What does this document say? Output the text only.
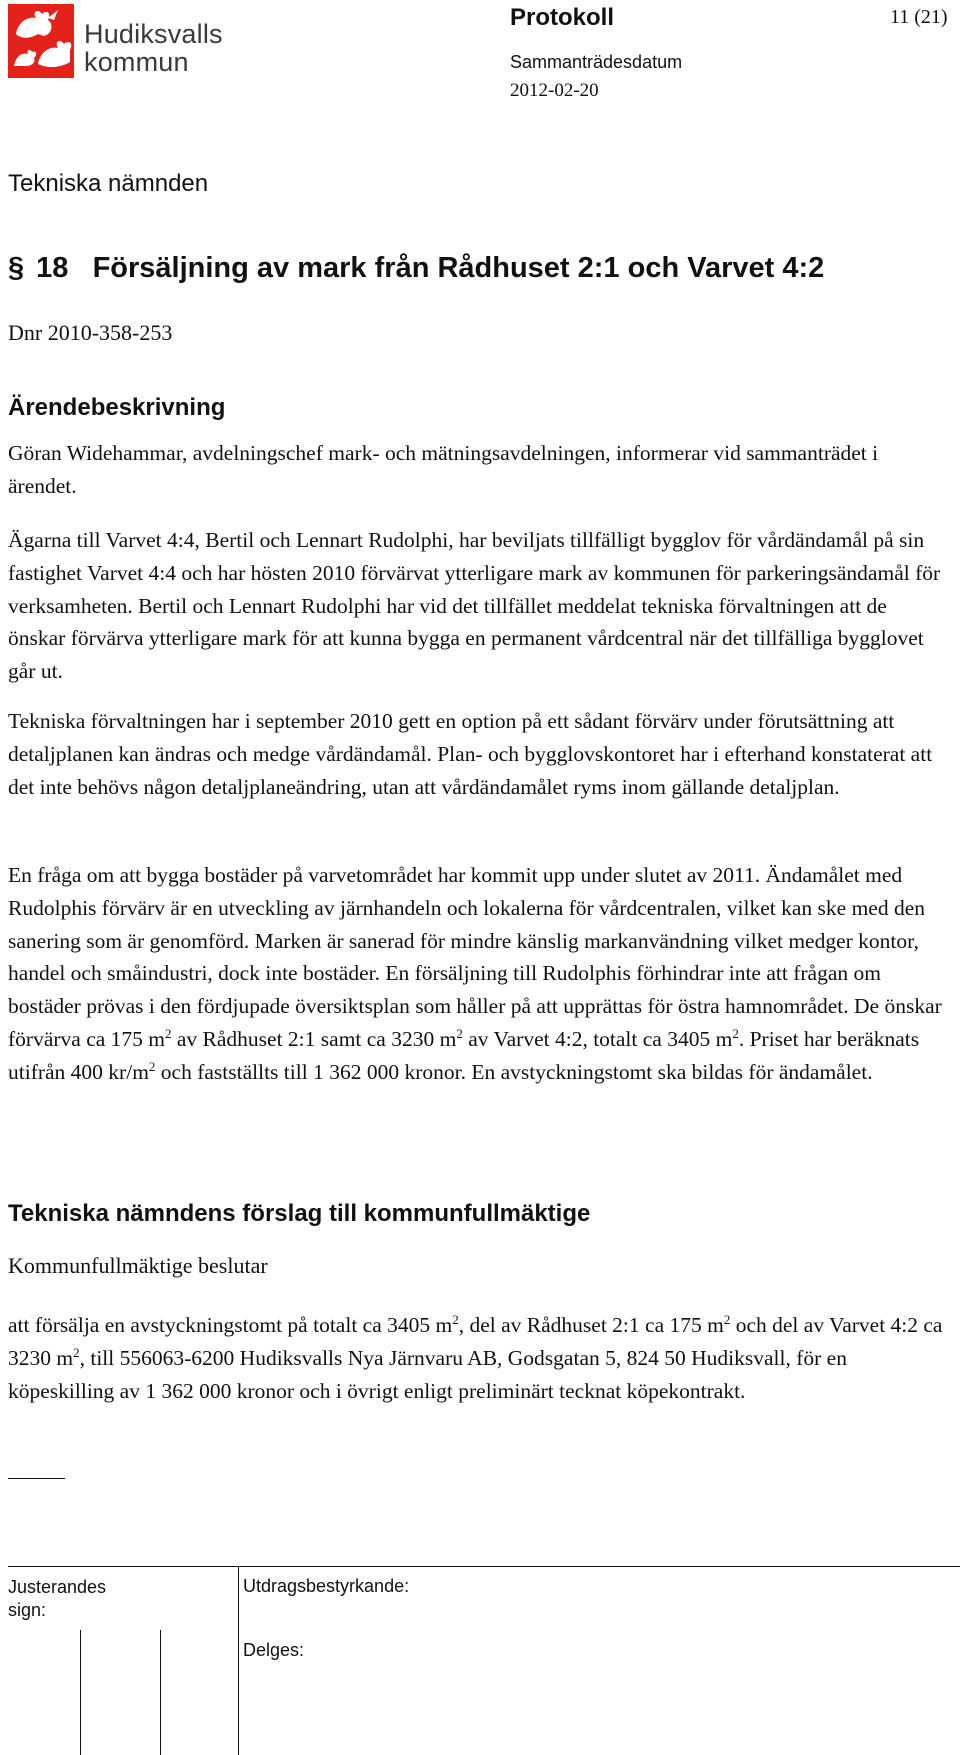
Hudiksvalls
kommun
Protokoll	11 (21)
Sammanträdesdatum
2012-02-20
Tekniska nämnden
§ 18 Försäljning av mark från Rådhuset 2:1 och Varvet 4:2
Dnr 2010-358-253
Ärendebeskrivning

Göran Widehammar, avdelningschef mark- och mätningsavdelningen, informerar vid sammanträdet i ärendet.

Ägarna till Varvet 4:4, Bertil och Lennart Rudolphi, har beviljats tillfälligt bygglov för vårdändamål på sin fastighet Varvet 4:4 och har hösten 2010 förvärvat ytterligare mark av kommunen för parkeringsändamål för verksamheten. Bertil och Lennart Rudolphi har vid det tillfället meddelat tekniska förvaltningen att de önskar förvärva ytterligare mark för att kunna bygga en permanent vårdcentral när det tillfälliga bygglovet går ut.

Tekniska förvaltningen har i september 2010 gett en option på ett sådant förvärv under förutsättning att detaljplanen kan ändras och medge vårdändamål. Plan- och bygglovskontoret har i efterhand konstaterat att det inte behövs någon detaljplaneändring, utan att vårdändamålet ryms inom gällande detaljplan.

En fråga om att bygga bostäder på varvetområdet har kommit upp under slutet av 2011. Ändamålet med Rudolphis förvärv är en utveckling av järnhandeln och lokalerna för vårdcentralen, vilket kan ske med den sanering som är genomförd. Marken är sanerad för mindre känslig markanvändning vilket medger kontor, handel och småindustri, dock inte bostäder. En försäljning till Rudolphis förhindrar inte att frågan om bostäder prövas i den fördjupade översiktsplan som håller på att upprättas för östra hamnområdet. De önskar förvärva ca 175 $m^2$ av Rådhuset 2:1 samt ca 3230 $m^2$ av Varvet 4:2, totalt ca 3405 $m^2$. Priset har beräknats utifrån 400 $kr/m^2$ och fastställts till 1 362 000 kronor. En avstyckningstomt ska bildas för ändamålet.

Tekniska nämndens förslag till kommunfullmäktige
Kommunfullmäktige beslutar

att försälja en avstyckningstomt på totalt ca 3405 $m^2$, del av Rådhuset 2:1 ca 175 $m^2$ och del av Varvet 4:2 ca 3230 $m^2$, till 556063-6200 Hudiksvalls Nya Järnvaru AB, Godsgatan 5, 824 50 Hudiksvall, för en köpeskilling av 1 362 000 kronor och i övrigt enligt preliminärt tecknat köpekontrakt.

Justerandes sign:
Utdragsbestyrkande:
Delges:
